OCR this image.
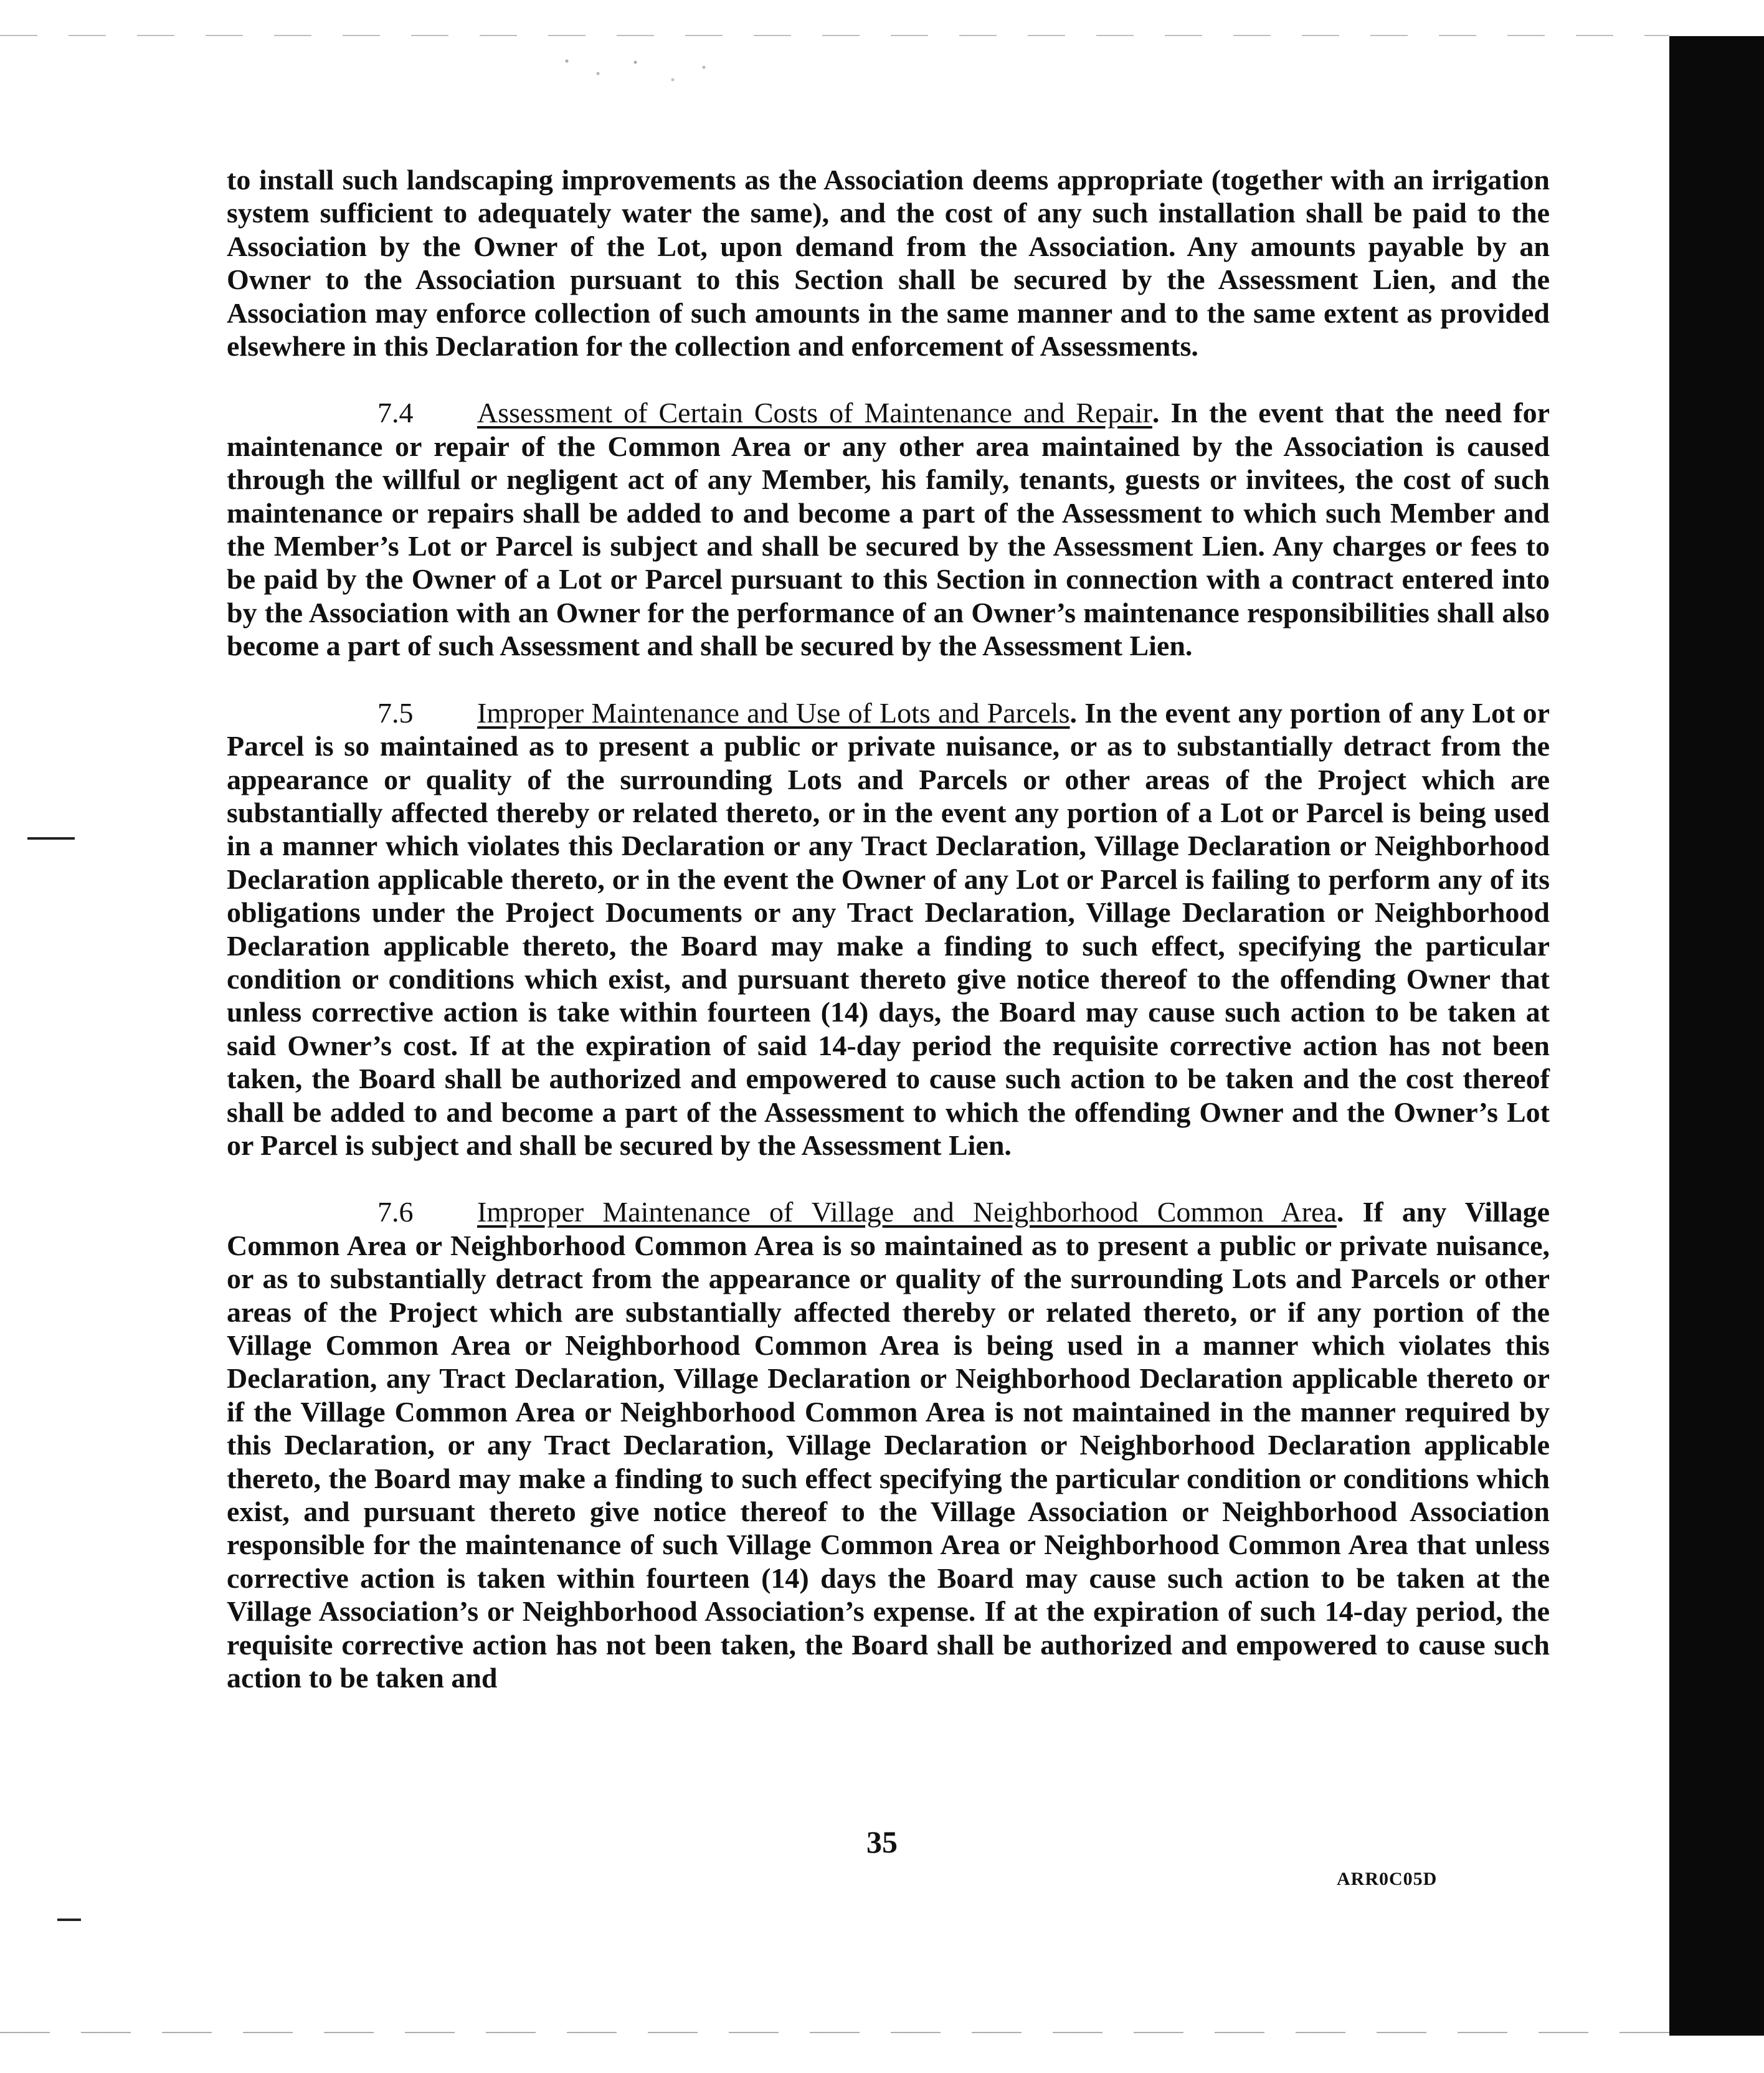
to install such landscaping improvements as the Association deems appropriate (together with an irrigation system sufficient to adequately water the same), and the cost of any such installation shall be paid to the Association by the Owner of the Lot, upon demand from the Association. Any amounts payable by an Owner to the Association pursuant to this Section shall be secured by the Assessment Lien, and the Association may enforce collection of such amounts in the same manner and to the same extent as provided elsewhere in this Declaration for the collection and enforcement of Assessments.

7.4 Assessment of Certain Costs of Maintenance and Repair. In the event that the need for maintenance or repair of the Common Area or any other area maintained by the Association is caused through the willful or negligent act of any Member, his family, tenants, guests or invitees, the cost of such maintenance or repairs shall be added to and become a part of the Assessment to which such Member and the Member’s Lot or Parcel is subject and shall be secured by the Assessment Lien. Any charges or fees to be paid by the Owner of a Lot or Parcel pursuant to this Section in connection with a contract entered into by the Association with an Owner for the performance of an Owner’s maintenance responsibilities shall also become a part of such Assessment and shall be secured by the Assessment Lien.

7.5 Improper Maintenance and Use of Lots and Parcels. In the event any portion of any Lot or Parcel is so maintained as to present a public or private nuisance, or as to substantially detract from the appearance or quality of the surrounding Lots and Parcels or other areas of the Project which are substantially affected thereby or related thereto, or in the event any portion of a Lot or Parcel is being used in a manner which violates this Declaration or any Tract Declaration, Village Declaration or Neighborhood Declaration applicable thereto, or in the event the Owner of any Lot or Parcel is failing to perform any of its obligations under the Project Documents or any Tract Declaration, Village Declaration or Neighborhood Declaration applicable thereto, the Board may make a finding to such effect, specifying the particular condition or conditions which exist, and pursuant thereto give notice thereof to the offending Owner that unless corrective action is take within fourteen (14) days, the Board may cause such action to be taken at said Owner’s cost. If at the expiration of said 14-day period the requisite corrective action has not been taken, the Board shall be authorized and empowered to cause such action to be taken and the cost thereof shall be added to and become a part of the Assessment to which the offending Owner and the Owner’s Lot or Parcel is subject and shall be secured by the Assessment Lien.

7.6 Improper Maintenance of Village and Neighborhood Common Area. If any Village Common Area or Neighborhood Common Area is so maintained as to present a public or private nuisance, or as to substantially detract from the appearance or quality of the surrounding Lots and Parcels or other areas of the Project which are substantially affected thereby or related thereto, or if any portion of the Village Common Area or Neighborhood Common Area is being used in a manner which violates this Declaration, any Tract Declaration, Village Declaration or Neighborhood Declaration applicable thereto or if the Village Common Area or Neighborhood Common Area is not maintained in the manner required by this Declaration, or any Tract Declaration, Village Declaration or Neighborhood Declaration applicable thereto, the Board may make a finding to such effect specifying the particular condition or conditions which exist, and pursuant thereto give notice thereof to the Village Association or Neighborhood Association responsible for the maintenance of such Village Common Area or Neighborhood Common Area that unless corrective action is taken within fourteen (14) days the Board may cause such action to be taken at the Village Association’s or Neighborhood Association’s expense. If at the expiration of such 14-day period, the requisite corrective action has not been taken, the Board shall be authorized and empowered to cause such action to be taken and

35
ARR0C05D
